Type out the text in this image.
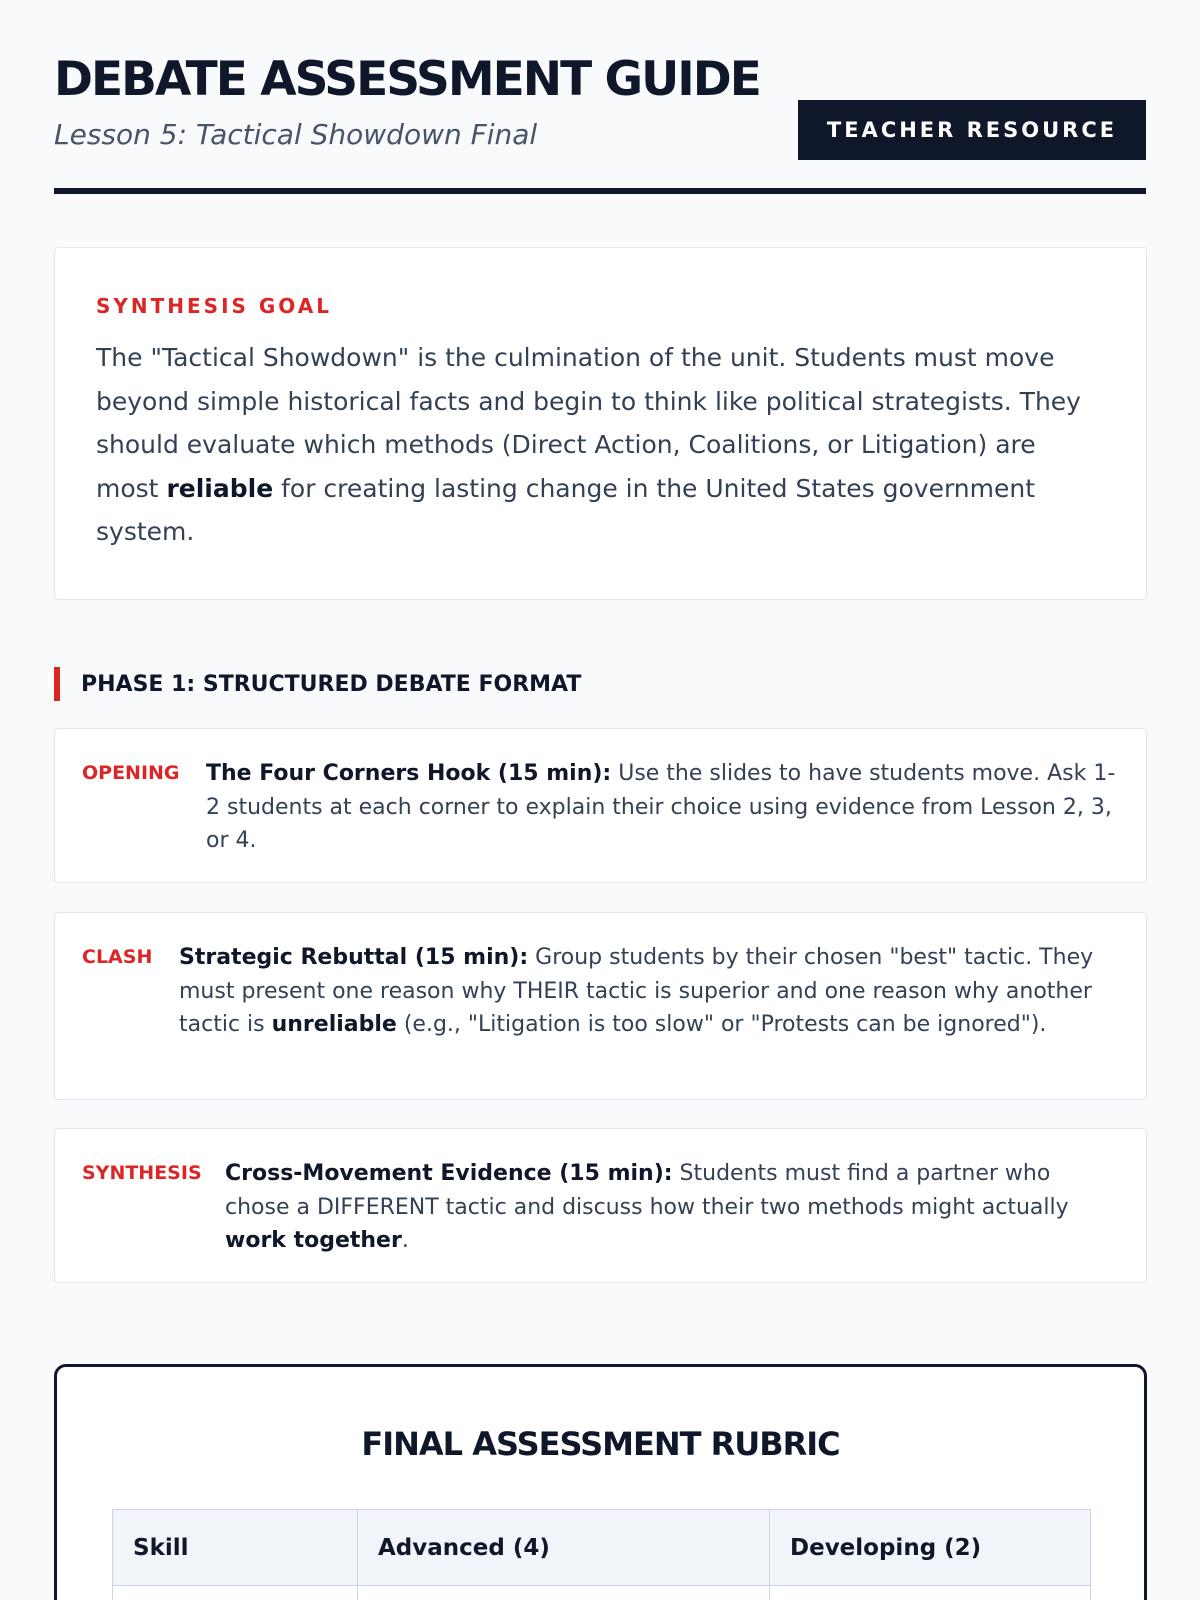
DEBATE ASSESSMENT GUIDE
Lesson 5: Tactical Showdown Final	TEACHER RESOURCE
SYNTHESIS GOAL

The "Tactical Showdown" is the culmination of the unit. Students must move beyond simple historical facts and begin to think like political strategists. They should evaluate which methods (Direct Action, Coalitions, or Litigation) are most reliable for creating lasting change in the United States government system.

PHASE 1: STRUCTURED DEBATE FORMAT
OPENING	The Four Corners Hook (15 min): Use the slides to have students move. Ask 1-2 students at each corner to explain their choice using evidence from Lesson 2, 3, or 4.
CLASH	Strategic Rebuttal (15 min): Group students by their chosen "best" tactic. They must present one reason why THEIR tactic is superior and one reason why another tactic is unreliable (e.g., "Litigation is too slow" or "Protests can be ignored").
SYNTHESIS	Cross-Movement Evidence (15 min): Students must find a partner who chose a DIFFERENT tactic and discuss how their two methods might actually work together.
FINAL ASSESSMENT RUBRIC
Skill	Advanced (4)	Developing (2)
